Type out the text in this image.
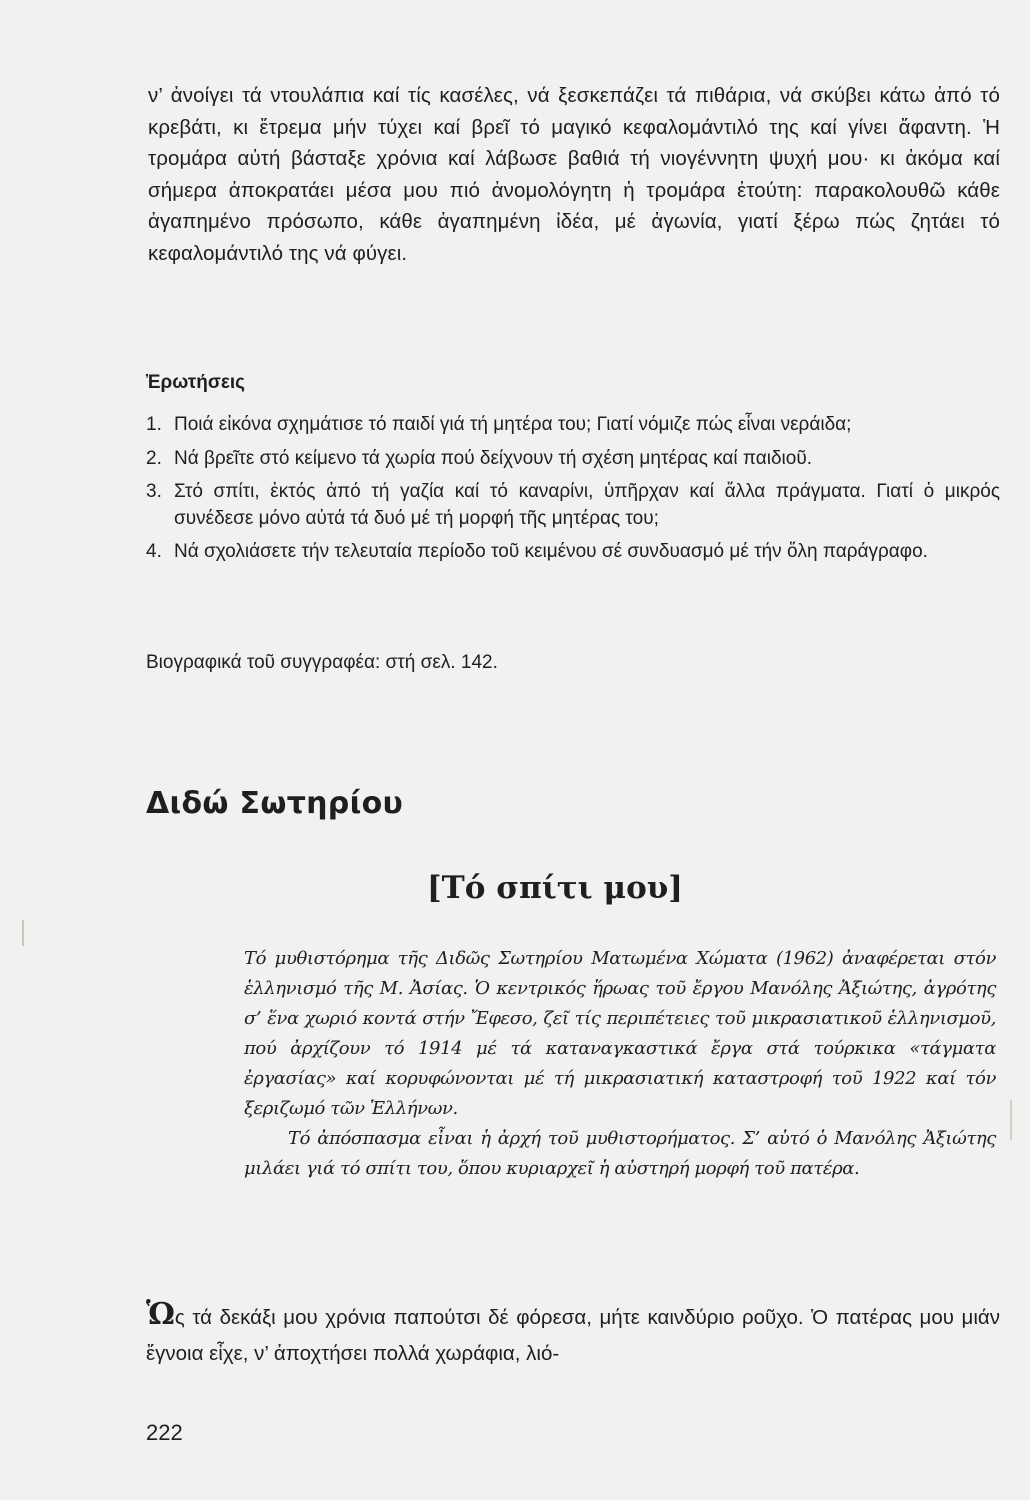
ν’ ἀνοίγει τά ντουλάπια καί τίς κασέλες, νά ξεσκεπάζει τά πιθάρια, νά σκύβει κάτω ἀπό τό κρεβάτι, κι ἔτρεμα μήν τύχει καί βρεῖ τό μαγικό κεφαλομάντιλό της καί γίνει ἄφαντη. Ἡ τρομάρα αὐτή βάσταξε χρόνια καί λάβωσε βαθιά τή νιογέννητη ψυχή μου· κι ἀκόμα καί σήμερα ἀποκρατάει μέσα μου πιό ἀνομολόγητη ἡ τρομάρα ἐτούτη: παρακολουθῶ κάθε ἀγαπημένο πρόσωπο, κάθε ἀγαπημένη ἰδέα, μέ ἀγωνία, γιατί ξέρω πώς ζητάει τό κεφαλομάντιλό της νά φύγει.

Ἐρωτήσεις
1. Ποιά εἰκόνα σχημάτισε τό παιδί γιά τή μητέρα του; Γιατί νόμιζε πώς εἶναι νεράιδα;
2. Νά βρεῖτε στό κείμενο τά χωρία πού δείχνουν τή σχέση μητέρας καί παιδιοῦ.
3. Στό σπίτι, ἐκτός ἀπό τή γαζία καί τό καναρίνι, ὑπῆρχαν καί ἄλλα πράγματα. Γιατί ὁ μικρός συνέδεσε μόνο αὐτά τά δυό μέ τή μορφή τῆς μητέρας του;
4. Νά σχολιάσετε τήν τελευταία περίοδο τοῦ κειμένου σέ συνδυασμό μέ τήν ὅλη παράγραφο.

Βιογραφικά τοῦ συγγραφέα: στή σελ. 142.

Διδώ Σωτηρίου
[Τό σπίτι μου]

Τό μυθιστόρημα τῆς Διδῶς Σωτηρίου Ματωμένα Χώματα (1962) ἀναφέρεται στόν ἑλληνισμό τῆς Μ. Ἀσίας. Ὁ κεντρικός ἥρωας τοῦ ἔργου Μανόλης Ἀξιώτης, ἀγρότης σ’ ἕνα χωριό κοντά στήν Ἔφεσο, ζεῖ τίς περιπέτειες τοῦ μικρασιατικοῦ ἑλληνισμοῦ, πού ἀρχίζουν τό 1914 μέ τά καταναγκαστικά ἔργα στά τούρκικα «τάγματα ἐργασίας» καί κορυφώνονται μέ τή μικρασιατική καταστροφή τοῦ 1922 καί τόν ξεριζωμό τῶν Ἑλλήνων.

Τό ἀπόσπασμα εἶναι ἡ ἀρχή τοῦ μυθιστορήματος. Σ’ αὐτό ὁ Μανόλης Ἀξιώτης μιλάει γιά τό σπίτι του, ὅπου κυριαρχεῖ ἡ αὐστηρή μορφή τοῦ πατέρα.

Ὡς τά δεκάξι μου χρόνια παπούτσι δέ φόρεσα, μήτε καινδύριο ροῦχο. Ὁ πατέρας μου μιάν ἔγνοια εἶχε, ν’ ἀποχτήσει πολλά χωράφια, λιό-

222
